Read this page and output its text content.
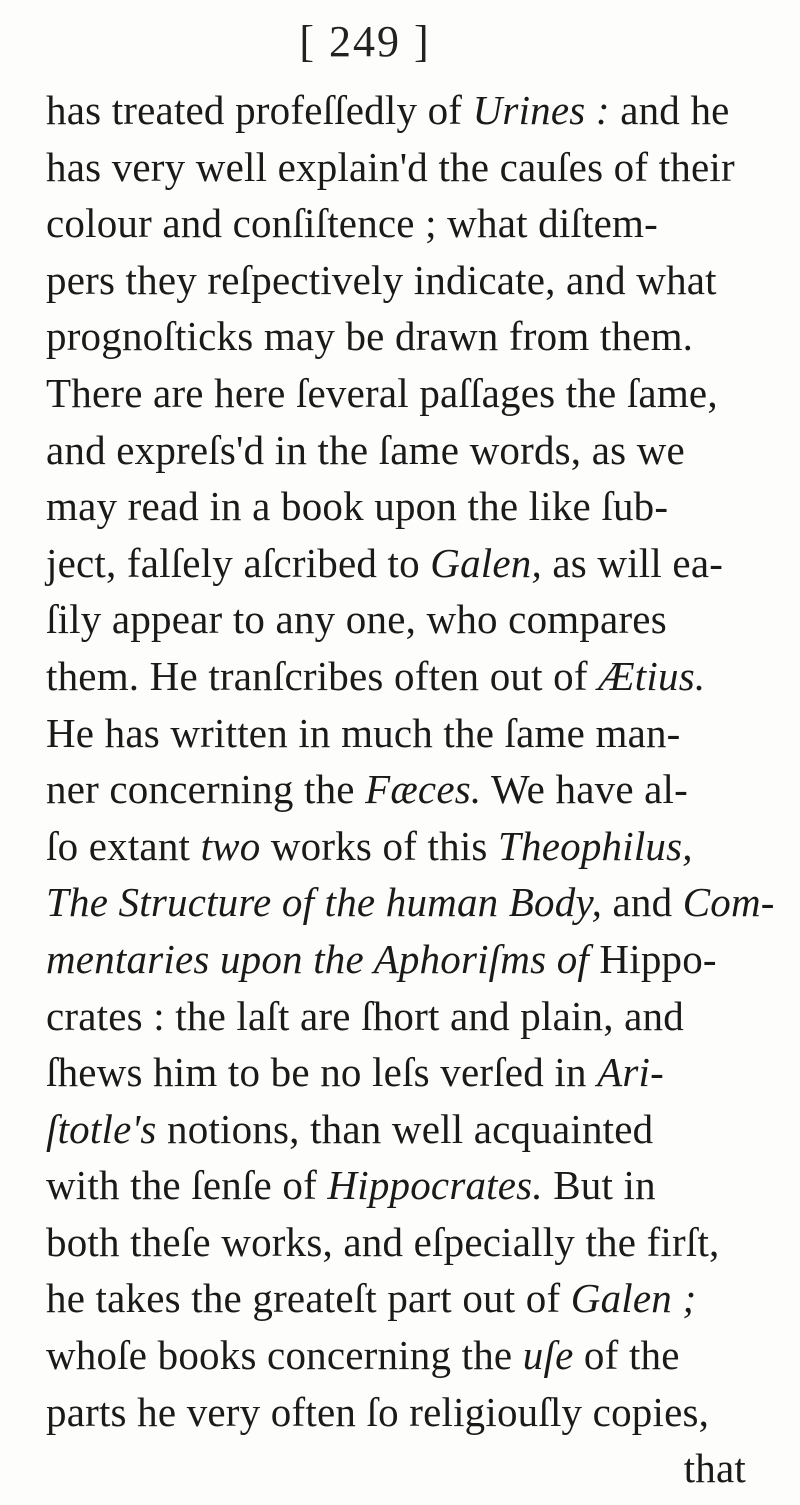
[ 249 ]
has treated profeſſedly of Urines : and he
has very well explain'd the cauſes of their
colour and conſiſtence ; what diſtem-
pers they reſpectively indicate, and what
prognoſticks may be drawn from them.
There are here ſeveral paſſages the ſame,
and expreſs'd in the ſame words, as we
may read in a book upon the like ſub-
ject, falſely aſcribed to Galen, as will ea-
ſily appear to any one, who compares
them. He tranſcribes often out of Ætius.
He has written in much the ſame man-
ner concerning the Fæces. We have al-
ſo extant two works of this Theophilus,
The Structure of the human Body, and Com-
mentaries upon the Aphoriſms of Hippo-
crates : the laſt are ſhort and plain, and
ſhews him to be no leſs verſed in Ari-
ſtotle's notions, than well acquainted
with the ſenſe of Hippocrates. But in
both theſe works, and eſpecially the firſt,
he takes the greateſt part out of Galen ;
whoſe books concerning the uſe of the
parts he very often ſo religiouſly copies,
that
